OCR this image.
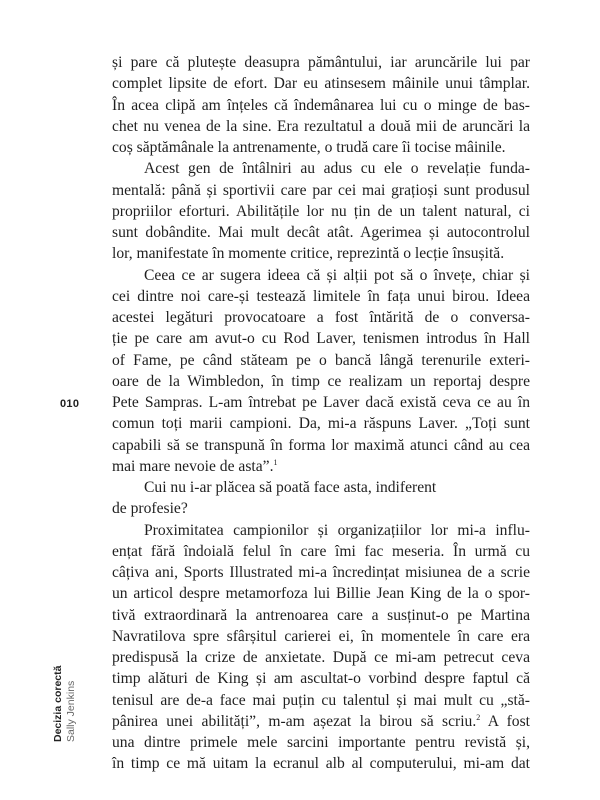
și pare că plutește deasupra pământului, iar aruncările lui par
complet lipsite de efort. Dar eu atinsesem mâinile unui tâmplar.
În acea clipă am înțeles că îndemânarea lui cu o minge de bas-
chet nu venea de la sine. Era rezultatul a două mii de aruncări la
coș săptămânale la antrenamente, o trudă care îi tocise mâinile.
Acest gen de întâlniri au adus cu ele o revelație funda-
mentală: până și sportivii care par cei mai grațioși sunt produsul
propriilor eforturi. Abilitățile lor nu țin de un talent natural, ci
sunt dobândite. Mai mult decât atât. Agerimea și autocontrolul
lor, manifestate în momente critice, reprezintă o lecție însușită.
Ceea ce ar sugera ideea că și alții pot să o învețe, chiar și
cei dintre noi care-și testează limitele în fața unui birou. Ideea
acestei legături provocatoare a fost întărită de o conversa-
ție pe care am avut-o cu Rod Laver, tenismen introdus în Hall
of Fame, pe când stăteam pe o bancă lângă terenurile exteri-
oare de la Wimbledon, în timp ce realizam un reportaj despre
Pete Sampras. L-am întrebat pe Laver dacă există ceva ce au în
comun toți marii campioni. Da, mi-a răspuns Laver. „Toți sunt
capabili să se transpună în forma lor maximă atunci când au cea
mai mare nevoie de asta”.$^1$
Cui nu i-ar plăcea să poată face asta, indiferent
de profesie?
Proximitatea campionilor și organizațiilor lor mi-a influ-
ențat fără îndoială felul în care îmi fac meseria. În urmă cu
câțiva ani, Sports Illustrated mi-a încredințat misiunea de a scrie
un articol despre metamorfoza lui Billie Jean King de la o spor-
tivă extraordinară la antrenoarea care a susținut-o pe Martina
Navratilova spre sfârșitul carierei ei, în momentele în care era
predispusă la crize de anxietate. După ce mi-am petrecut ceva
timp alături de King și am ascultat-o vorbind despre faptul că
tenisul are de-a face mai puțin cu talentul și mai mult cu „stă-
pânirea unei abilități”, m-am așezat la birou să scriu.$^2$ A fost
una dintre primele mele sarcini importante pentru revistă și,
în timp ce mă uitam la ecranul alb al computerului, mi-am dat
010
Decizia corectă Sally Jenkins
